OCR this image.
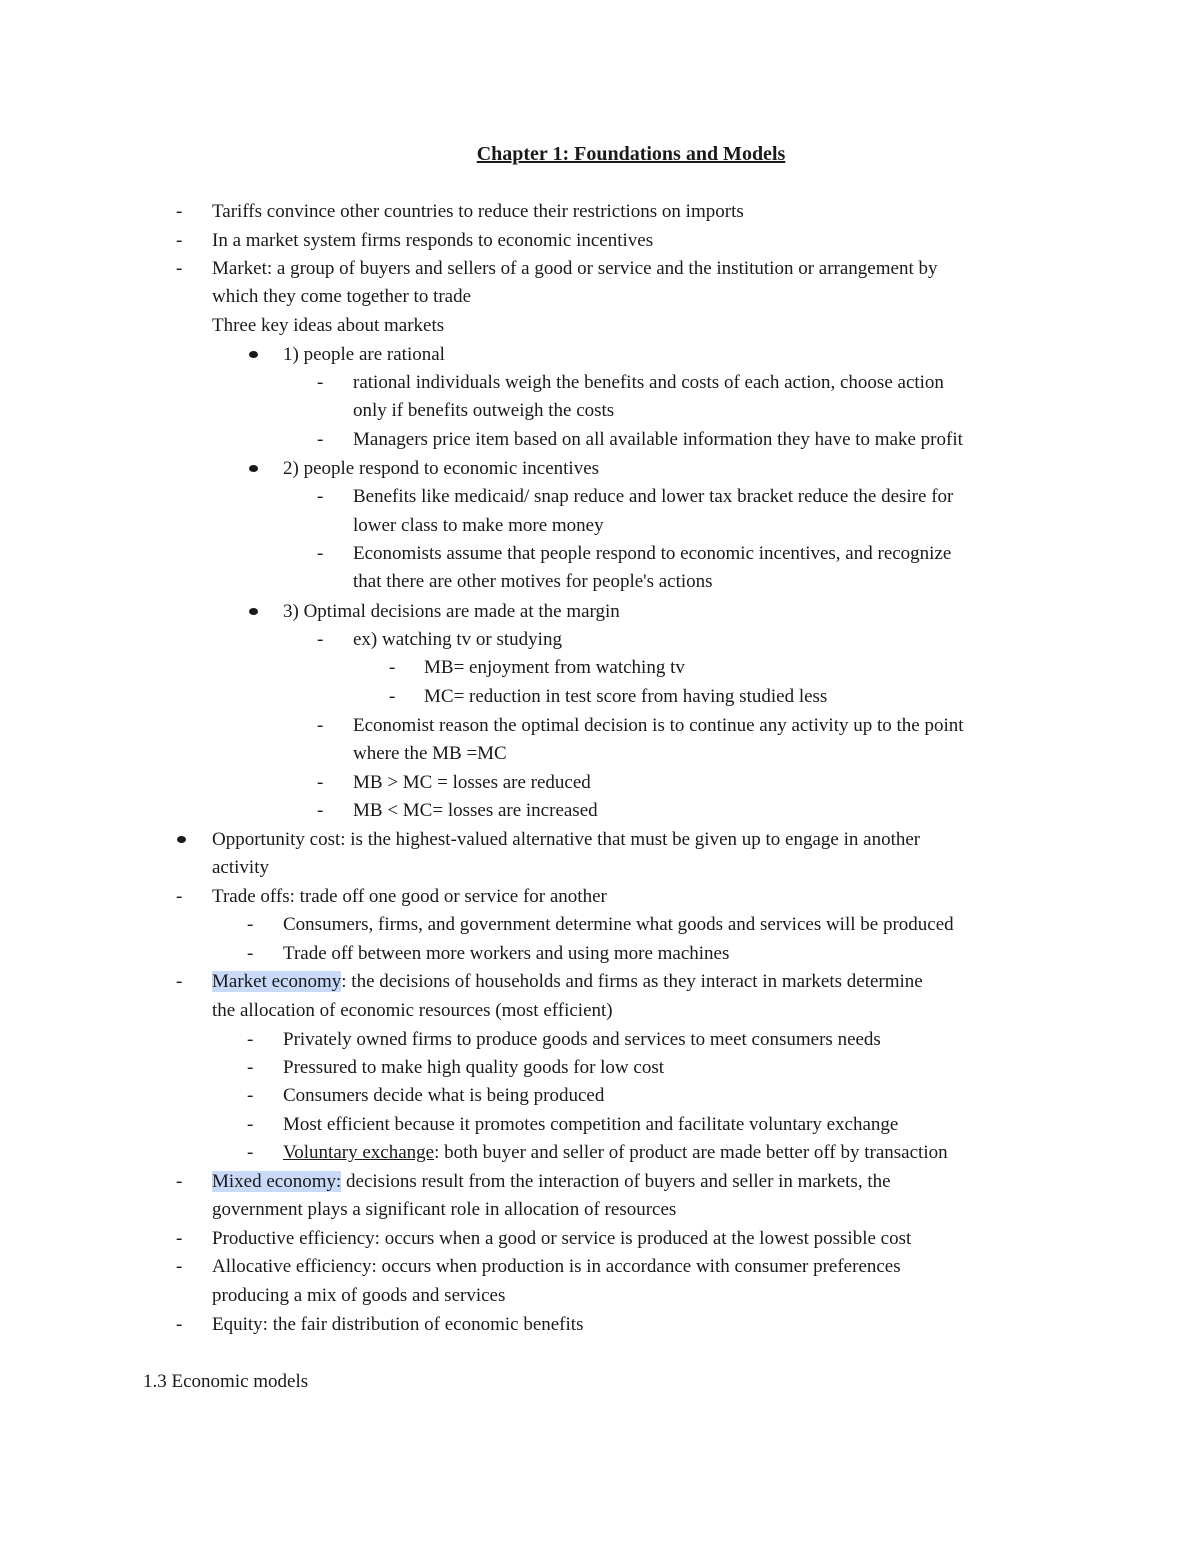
Chapter 1: Foundations and Models
- Tariffs convince other countries to reduce their restrictions on imports
- In a market system firms responds to economic incentives
- Market: a group of buyers and sellers of a good or service and the institution or arrangement by
which they come together to trade
Three key ideas about markets
1) people are rational
- rational individuals weigh the benefits and costs of each action, choose action
only if benefits outweigh the costs
- Managers price item based on all available information they have to make profit
2) people respond to economic incentives
- Benefits like medicaid/ snap reduce and lower tax bracket reduce the desire for
lower class to make more money
- Economists assume that people respond to economic incentives, and recognize
that there are other motives for people's actions
3) Optimal decisions are made at the margin
- ex) watching tv or studying
- MB= enjoyment from watching tv
- MC= reduction in test score from having studied less
- Economist reason the optimal decision is to continue any activity up to the point
where the MB =MC
- MB > MC = losses are reduced
- MB < MC= losses are increased
Opportunity cost: is the highest-valued alternative that must be given up to engage in another
activity
- Trade offs: trade off one good or service for another
- Consumers, firms, and government determine what goods and services will be produced
- Trade off between more workers and using more machines
- Market economy: the decisions of households and firms as they interact in markets determine
the allocation of economic resources (most efficient)
- Privately owned firms to produce goods and services to meet consumers needs
- Pressured to make high quality goods for low cost
- Consumers decide what is being produced
- Most efficient because it promotes competition and facilitate voluntary exchange
- Voluntary exchange: both buyer and seller of product are made better off by transaction
- Mixed economy: decisions result from the interaction of buyers and seller in markets, the
government plays a significant role in allocation of resources
- Productive efficiency: occurs when a good or service is produced at the lowest possible cost
- Allocative efficiency: occurs when production is in accordance with consumer preferences
producing a mix of goods and services
- Equity: the fair distribution of economic benefits
1.3 Economic models
